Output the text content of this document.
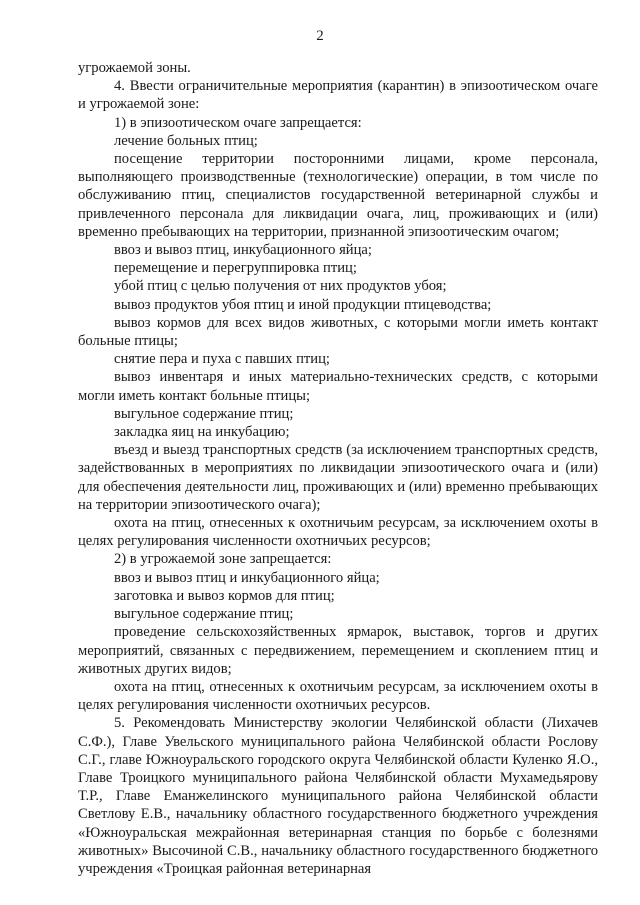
2

угрожаемой зоны.

4. Ввести ограничительные мероприятия (карантин) в эпизоотическом очаге и угрожаемой зоне:

1) в эпизоотическом очаге запрещается:

лечение больных птиц;

посещение территории посторонними лицами, кроме персонала, выполняющего производственные (технологические) операции, в том числе по обслуживанию птиц, специалистов государственной ветеринарной службы и привлеченного персонала для ликвидации очага, лиц, проживающих и (или) временно пребывающих на территории, признанной эпизоотическим очагом;

ввоз и вывоз птиц, инкубационного яйца;

перемещение и перегруппировка птиц;

убой птиц с целью получения от них продуктов убоя;

вывоз продуктов убоя птиц и иной продукции птицеводства;

вывоз кормов для всех видов животных, с которыми могли иметь контакт больные птицы;

снятие пера и пуха с павших птиц;

вывоз инвентаря и иных материально-технических средств, с которыми могли иметь контакт больные птицы;

выгульное содержание птиц;

закладка яиц на инкубацию;

въезд и выезд транспортных средств (за исключением транспортных средств, задействованных в мероприятиях по ликвидации эпизоотического очага и (или) для обеспечения деятельности лиц, проживающих и (или) временно пребывающих на территории эпизоотического очага);

охота на птиц, отнесенных к охотничьим ресурсам, за исключением охоты в целях регулирования численности охотничьих ресурсов;

2) в угрожаемой зоне запрещается:

ввоз и вывоз птиц и инкубационного яйца;

заготовка и вывоз кормов для птиц;

выгульное содержание птиц;

проведение сельскохозяйственных ярмарок, выставок, торгов и других мероприятий, связанных с передвижением, перемещением и скоплением птиц и животных других видов;

охота на птиц, отнесенных к охотничьим ресурсам, за исключением охоты в целях регулирования численности охотничьих ресурсов.

5. Рекомендовать Министерству экологии Челябинской области (Лихачев С.Ф.), Главе Увельского муниципального района Челябинской области Рослову С.Г., главе Южноуральского городского округа Челябинской области Куленко Я.О., Главе Троицкого муниципального района Челябинской области Мухамедьярову Т.Р., Главе Еманжелинского муниципального района Челябинской области Светлову Е.В., начальнику областного государственного бюджетного учреждения «Южноуральская межрайонная ветеринарная станция по борьбе с болезнями животных» Высочиной С.В., начальнику областного государственного бюджетного учреждения «Троицкая районная ветеринарная
